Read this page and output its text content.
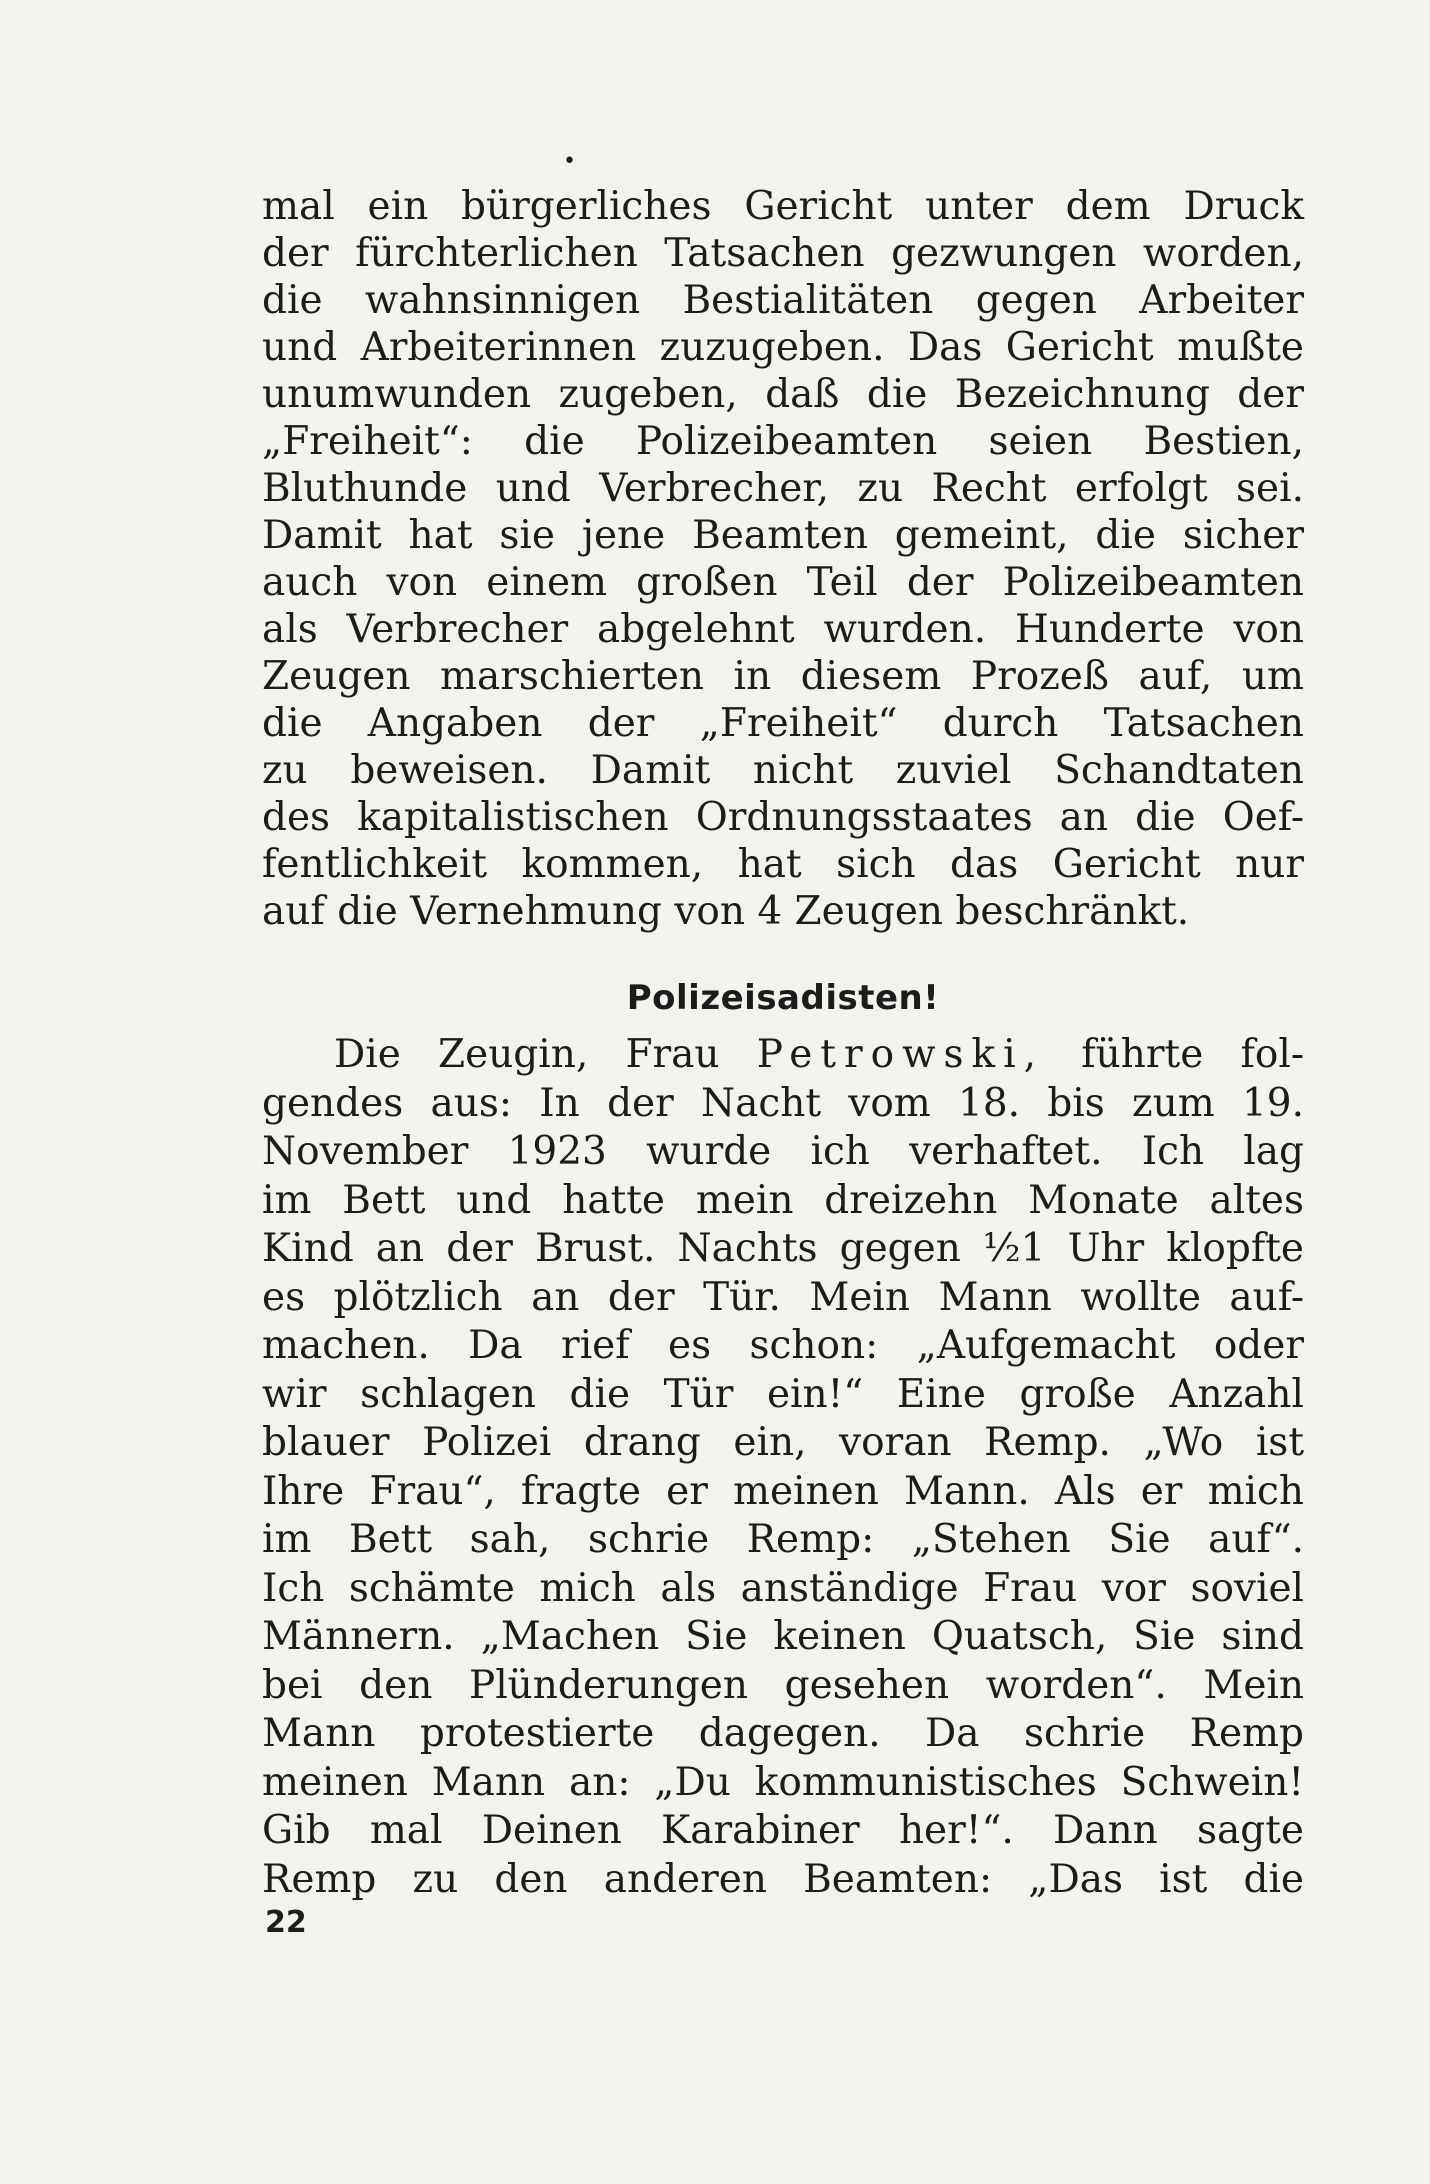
•
mal ein bürgerliches Gericht unter dem Druck
der fürchterlichen Tatsachen gezwungen worden,
die wahnsinnigen Bestialitäten gegen Arbeiter
und Arbeiterinnen zuzugeben. Das Gericht mußte
unumwunden zugeben, daß die Bezeichnung der
„Freiheit“: die Polizeibeamten seien Bestien,
Bluthunde und Verbrecher, zu Recht erfolgt sei.
Damit hat sie jene Beamten gemeint, die sicher
auch von einem großen Teil der Polizeibeamten
als Verbrecher abgelehnt wurden. Hunderte von
Zeugen marschierten in diesem Prozeß auf, um
die Angaben der „Freiheit“ durch Tatsachen
zu beweisen. Damit nicht zuviel Schandtaten
des kapitalistischen Ordnungsstaates an die Oef-
fentlichkeit kommen, hat sich das Gericht nur
auf die Vernehmung von 4 Zeugen beschränkt.
Polizeisadisten!
Die Zeugin, Frau Petrowski, führte fol-
gendes aus: In der Nacht vom 18. bis zum 19.
November 1923 wurde ich verhaftet. Ich lag
im Bett und hatte mein dreizehn Monate altes
Kind an der Brust. Nachts gegen ½1 Uhr klopfte
es plötzlich an der Tür. Mein Mann wollte auf-
machen. Da rief es schon: „Aufgemacht oder
wir schlagen die Tür ein!“ Eine große Anzahl
blauer Polizei drang ein, voran Remp. „Wo ist
Ihre Frau“, fragte er meinen Mann. Als er mich
im Bett sah, schrie Remp: „Stehen Sie auf“.
Ich schämte mich als anständige Frau vor soviel
Männern. „Machen Sie keinen Quatsch, Sie sind
bei den Plünderungen gesehen worden“. Mein
Mann protestierte dagegen. Da schrie Remp
meinen Mann an: „Du kommunistisches Schwein!
Gib mal Deinen Karabiner her!“. Dann sagte
Remp zu den anderen Beamten: „Das ist die
22
